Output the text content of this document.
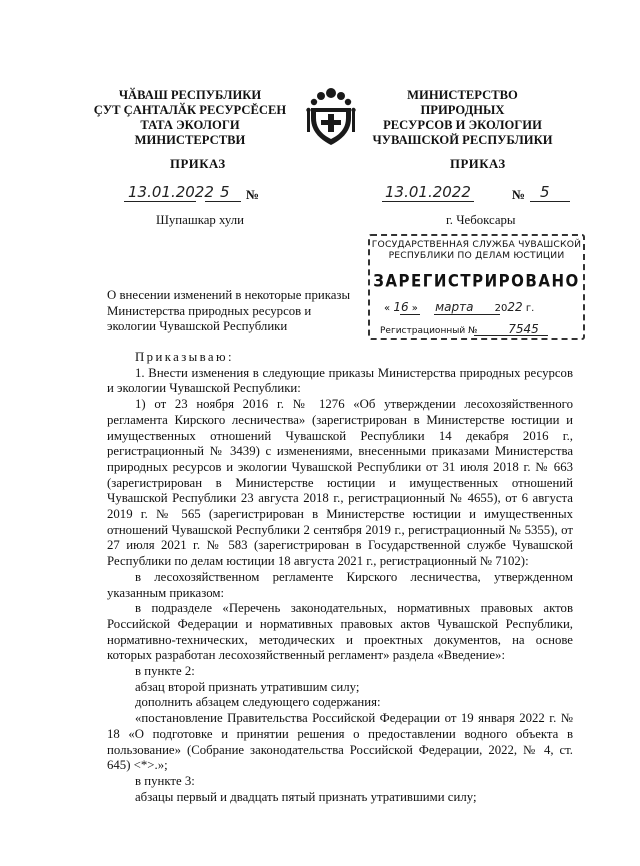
ЧӐВАШ РЕСПУБЛИКИ
ҪУТ ҪАНТАЛӐК РЕСУРСĔСЕН
ТАТА ЭКОЛОГИ
МИНИСТЕРСТВИ
МИНИСТЕРСТВО
ПРИРОДНЫХ
РЕСУРСОВ И ЭКОЛОГИИ
ЧУВАШСКОЙ РЕСПУБЛИКИ
ПРИКАЗ	ПРИКАЗ
13.01.2022 5 №	13.01.2022	№ 5
Шупашкар хули	г. Чебоксары
ГОСУДАРСТВЕННАЯ СЛУЖБА ЧУВАШСКОЙ
РЕСПУБЛИКИ ПО ДЕЛАМ ЮСТИЦИИ
ЗАРЕГИСТРИРОВАНО
« 16 » марта 2022 г.
Регистрационный №	7545
О внесении изменений в некоторые приказы Министерства природных ресурсов и экологии Чувашской Республики

Приказываю:

1. Внести изменения в следующие приказы Министерства природных ресурсов и экологии Чувашской Республики:

1) от 23 ноября 2016 г. № 1276 «Об утверждении лесохозяйственного регламента Кирского лесничества» (зарегистрирован в Министерстве юстиции и имущественных отношений Чувашской Республики 14 декабря 2016 г., регистрационный № 3439) с изменениями, внесенными приказами Министерства природных ресурсов и экологии Чувашской Республики от 31 июля 2018 г. № 663 (зарегистрирован в Министерстве юстиции и имущественных отношений Чувашской Республики 23 августа 2018 г., регистрационный № 4655), от 6 августа 2019 г. № 565 (зарегистрирован в Министерстве юстиции и имущественных отношений Чувашской Республики 2 сентября 2019 г., регистрационный № 5355), от 27 июля 2021 г. № 583 (зарегистрирован в Государственной службе Чувашской Республики по делам юстиции 18 августа 2021 г., регистрационный № 7102):

в лесохозяйственном регламенте Кирского лесничества, утвержденном указанным приказом:

в подразделе «Перечень законодательных, нормативных правовых актов Российской Федерации и нормативных правовых актов Чувашской Республики, нормативно-технических, методических и проектных документов, на основе которых разработан лесохозяйственный регламент» раздела «Введение»:

в пункте 2:

абзац второй признать утратившим силу;

дополнить абзацем следующего содержания:

«постановление Правительства Российской Федерации от 19 января 2022 г. № 18 «О подготовке и принятии решения о предоставлении водного объекта в пользование» (Собрание законодательства Российской Федерации, 2022, № 4, ст. 645) <*>.»;

в пункте 3:

абзацы первый и двадцать пятый признать утратившими силу;
